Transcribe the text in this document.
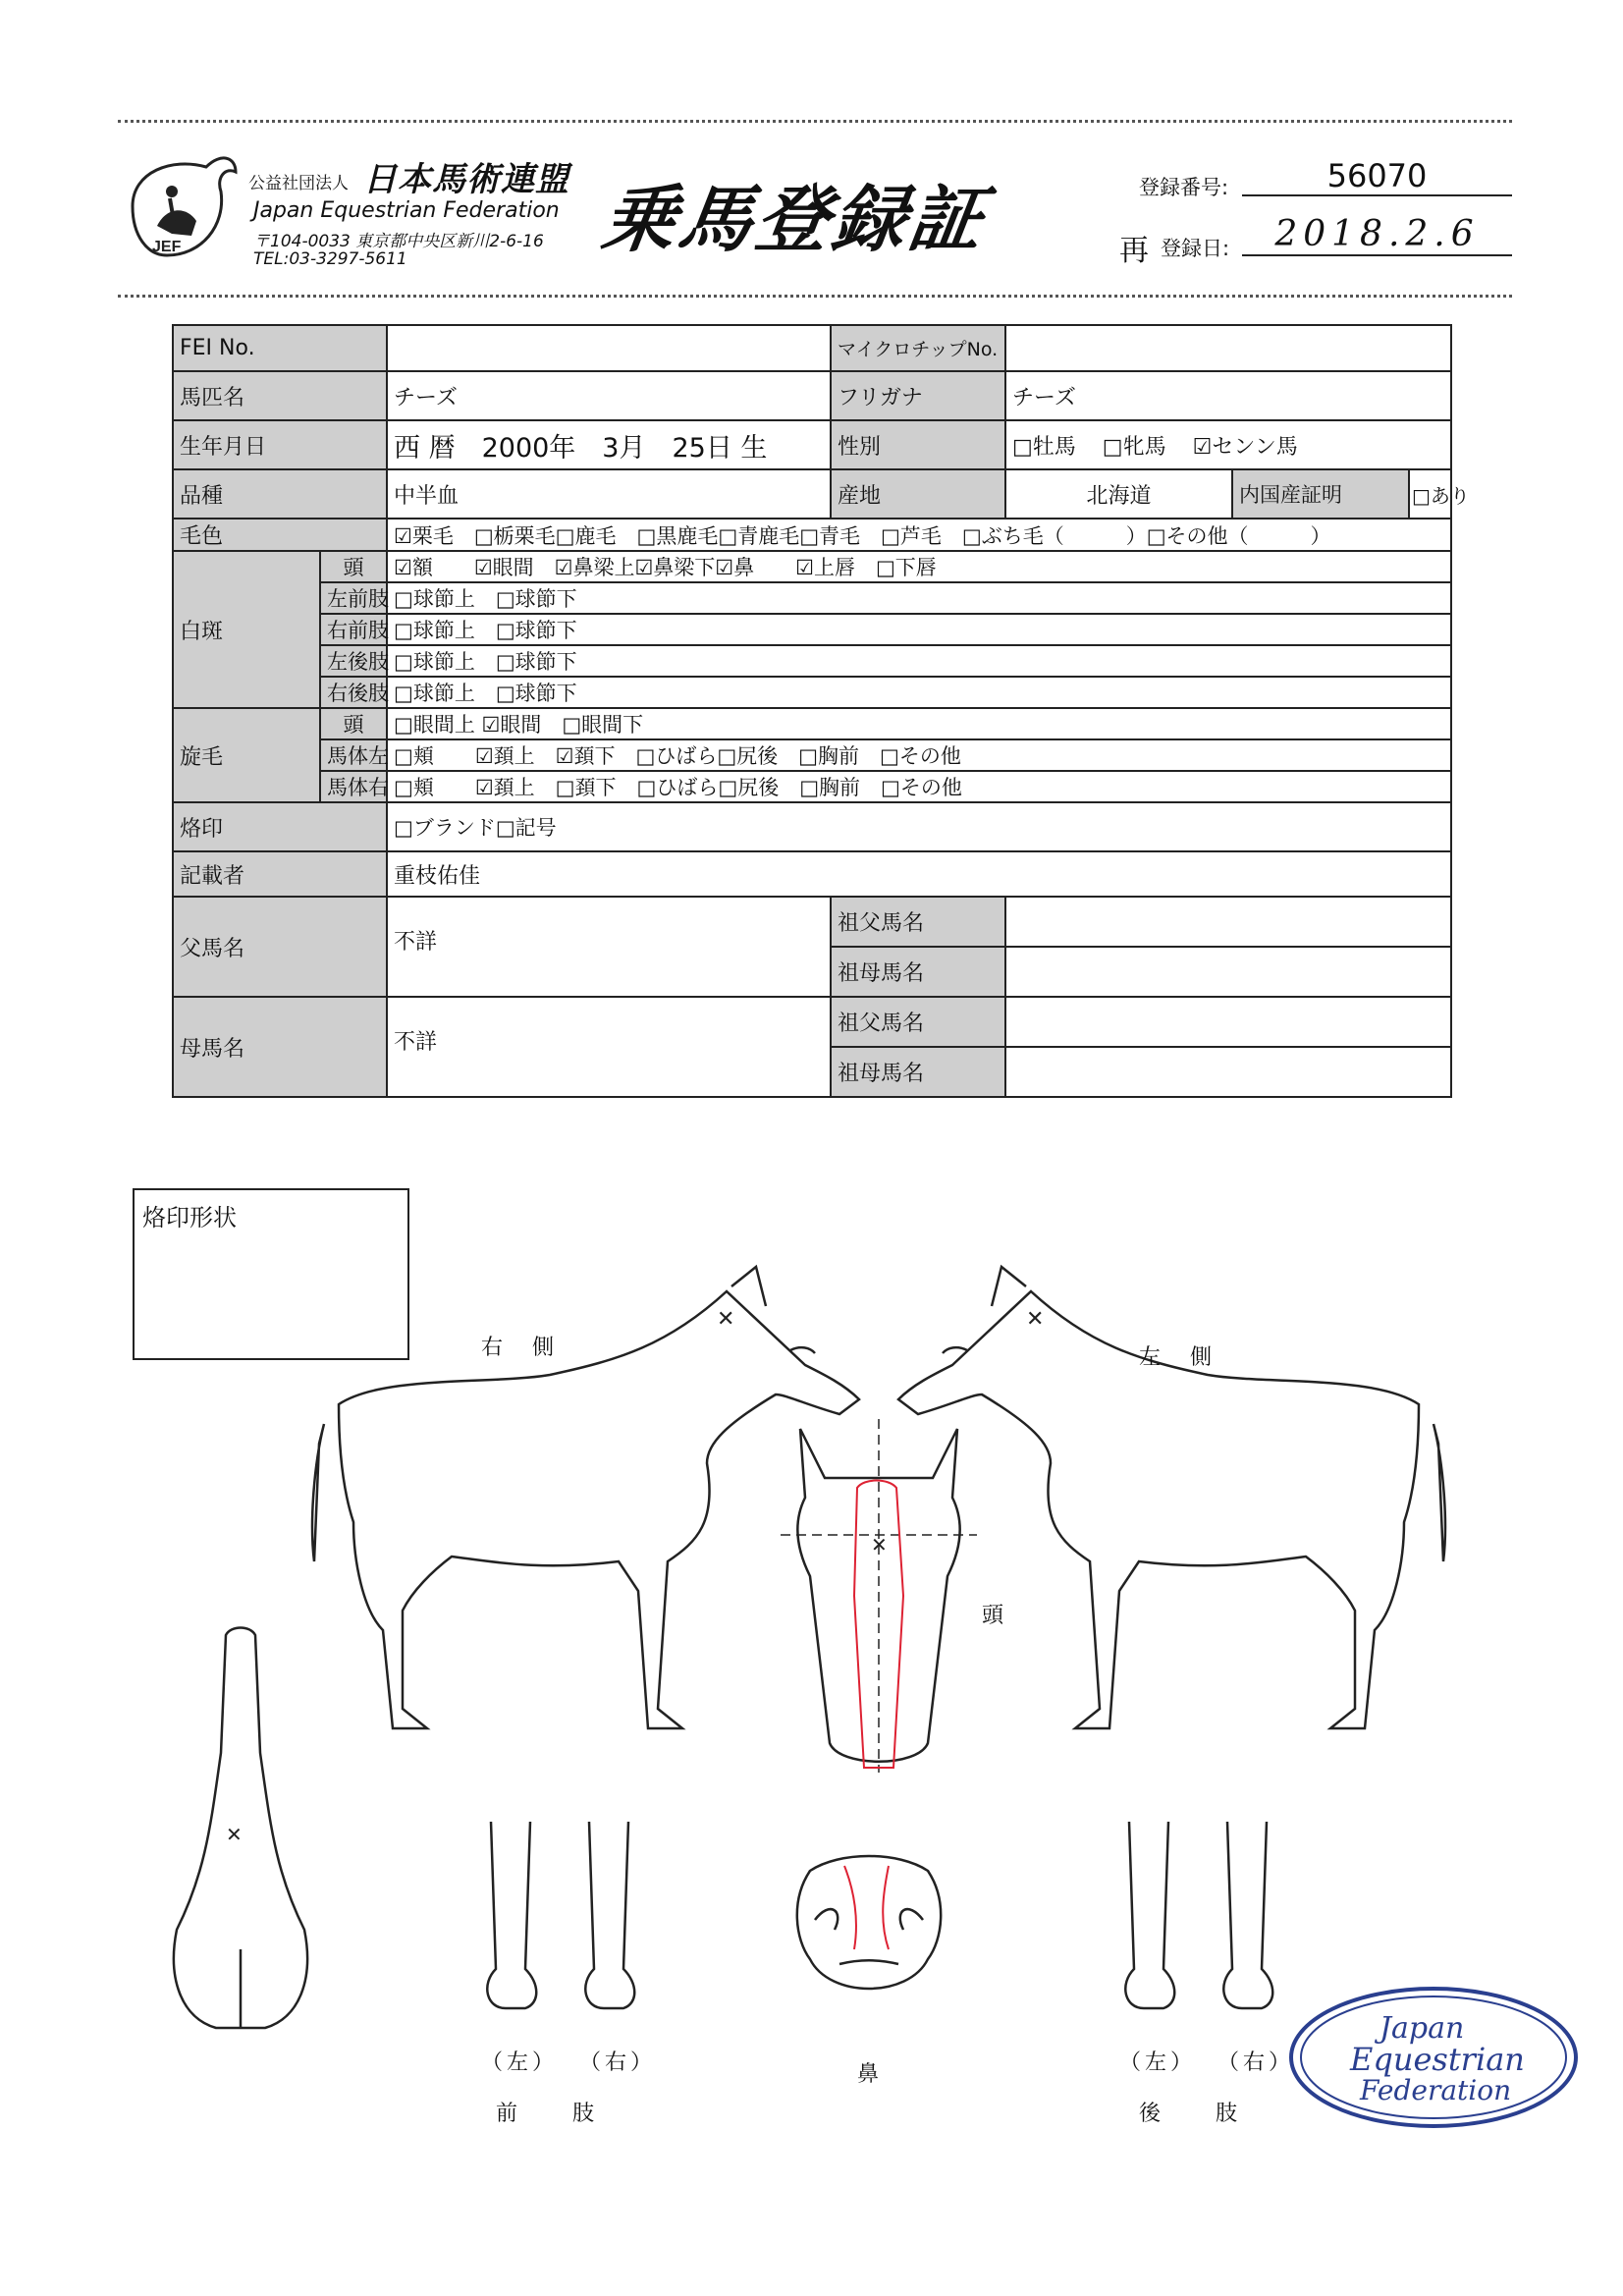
JEF
公益社団法人 日本馬術連盟
Japan Equestrian Federation
〒104-0033 東京都中央区新川2-6-16
TEL:03-3297-5611	乗馬登録証	登録番号:	56070
再 登録日:	2018.2.6
FEI No.			マイクロチップNo.			
馬匹名		チーズ	フリガナ	チーズ		
生年月日		西 暦　2000年　3月　25日 生	性別	□牡馬 □牝馬 ☑センン馬		
品種		中半血	産地	北海道	内国産証明	□あり
毛色		☑栗毛　□栃栗毛□鹿毛　□黒鹿毛□青鹿毛□青毛　□芦毛　□ぶち毛（　　　）□その他（　　　）				
白斑	頭	☑額　　☑眼間　☑鼻梁上☑鼻梁下☑鼻　　☑上唇　□下唇				
	左前肢	□球節上　□球節下				
	右前肢	□球節上　□球節下				
	左後肢	□球節上　□球節下				
	右後肢	□球節上　□球節下				
旋毛	頭	□眼間上 ☑眼間　□眼間下				
	馬体左	□頬　　☑頚上　☑頚下　□ひばら□尻後　□胸前　□その他				
	馬体右	□頬　　☑頚上　□頚下　□ひばら□尻後　□胸前　□その他				
烙印		□ブランド□記号				
記載者		重枝佑佳				
父馬名		不詳	祖父馬名			
			祖母馬名			
母馬名		不詳	祖父馬名			
			祖母馬名			
烙印形状
✕
右　側
✕
左　側
✕
頭
✕
（左） （右）
前　　肢
鼻	（左） （右）
後　　肢
Japan
Equestrian
Federation
